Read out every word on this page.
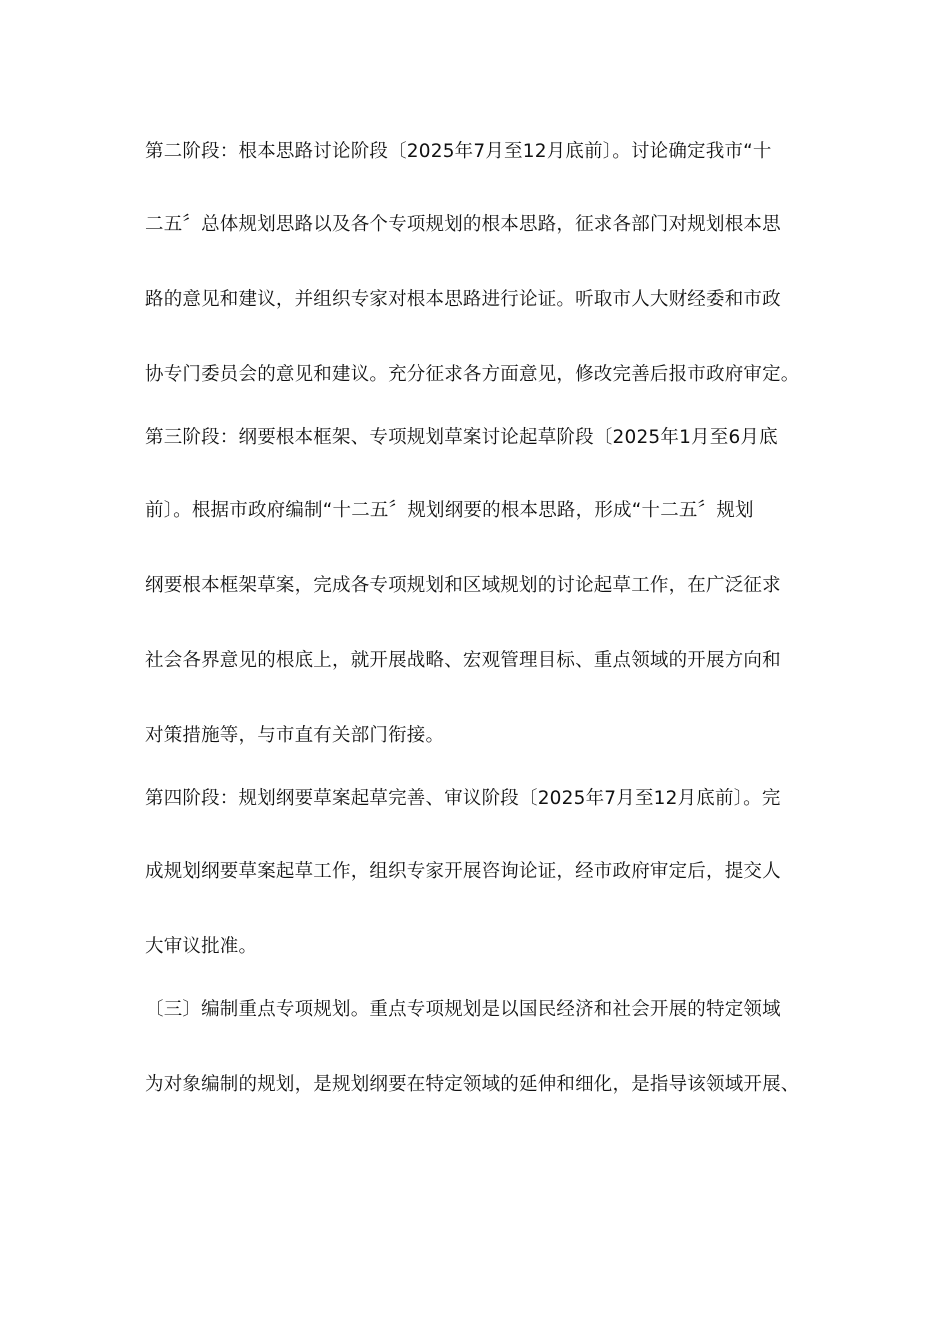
第二阶段：根本思路讨论阶段〔2025年7月至12月底前〕。讨论确定我市“十
二五〞总体规划思路以及各个专项规划的根本思路，征求各部门对规划根本思
路的意见和建议，并组织专家对根本思路进行论证。听取市人大财经委和市政
协专门委员会的意见和建议。充分征求各方面意见，修改完善后报市政府审定。
第三阶段：纲要根本框架、专项规划草案讨论起草阶段〔2025年1月至6月底
前〕。根据市政府编制“十二五〞规划纲要的根本思路，形成“十二五〞规划
纲要根本框架草案，完成各专项规划和区域规划的讨论起草工作，在广泛征求
社会各界意见的根底上，就开展战略、宏观管理目标、重点领域的开展方向和
对策措施等，与市直有关部门衔接。
第四阶段：规划纲要草案起草完善、审议阶段〔2025年7月至12月底前〕。完
成规划纲要草案起草工作，组织专家开展咨询论证，经市政府审定后，提交人
大审议批准。
〔三〕编制重点专项规划。重点专项规划是以国民经济和社会开展的特定领域
为对象编制的规划，是规划纲要在特定领域的延伸和细化，是指导该领域开展、
